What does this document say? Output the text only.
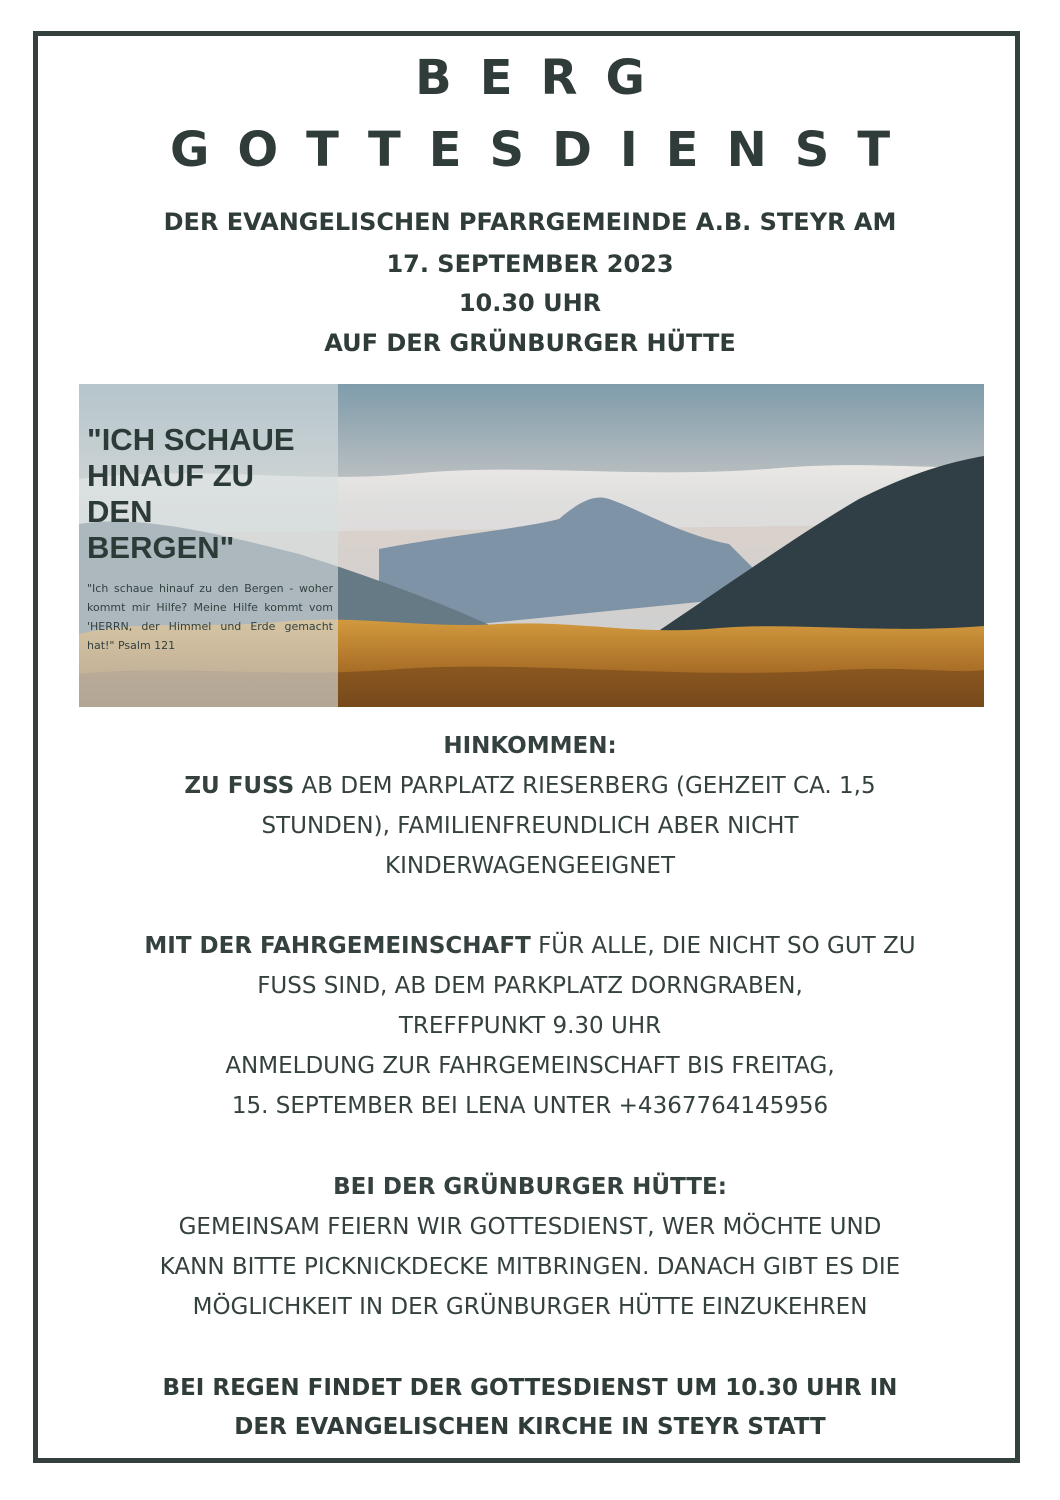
BERG
GOTTESDIENST
DER EVANGELISCHEN PFARRGEMEINDE A.B. STEYR AM
17. SEPTEMBER 2023
10.30 UHR
AUF DER GRÜNBURGER HÜTTE
"ICH SCHAUE
HINAUF ZU
DEN
BERGEN"
"Ich schaue hinauf zu den Bergen - woher kommt mir Hilfe? Meine Hilfe kommt vom 'HERRN, der Himmel und Erde gemacht hat!" Psalm 121
HINKOMMEN:
ZU FUSS AB DEM PARPLATZ RIESERBERG (GEHZEIT CA. 1,5
STUNDEN), FAMILIENFREUNDLICH ABER NICHT
KINDERWAGENGEEIGNET
MIT DER FAHRGEMEINSCHAFT FÜR ALLE, DIE NICHT SO GUT ZU
FUSS SIND, AB DEM PARKPLATZ DORNGRABEN,
TREFFPUNKT 9.30 UHR
ANMELDUNG ZUR FAHRGEMEINSCHAFT BIS FREITAG,
15. SEPTEMBER BEI LENA UNTER +4367764145956
BEI DER GRÜNBURGER HÜTTE:
GEMEINSAM FEIERN WIR GOTTESDIENST, WER MÖCHTE UND
KANN BITTE PICKNICKDECKE MITBRINGEN. DANACH GIBT ES DIE
MÖGLICHKEIT IN DER GRÜNBURGER HÜTTE EINZUKEHREN
BEI REGEN FINDET DER GOTTESDIENST UM 10.30 UHR IN
DER EVANGELISCHEN KIRCHE IN STEYR STATT
